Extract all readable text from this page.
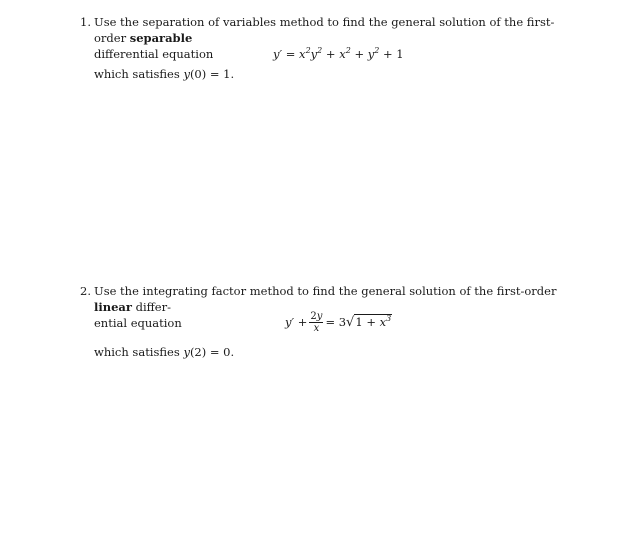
1. Use the separation of variables method to find the general solution of the first-order separable
differential equation	$y' = x^2y^2 + x^2 + y^2 + 1$
which satisfies y(0) = 1.
2. Use the integrating factor method to find the general solution of the first-order linear differ-
ential equation	$y' + \frac{2y}{x} = 3√1 + x^3$
which satisfies y(2) = 0.
